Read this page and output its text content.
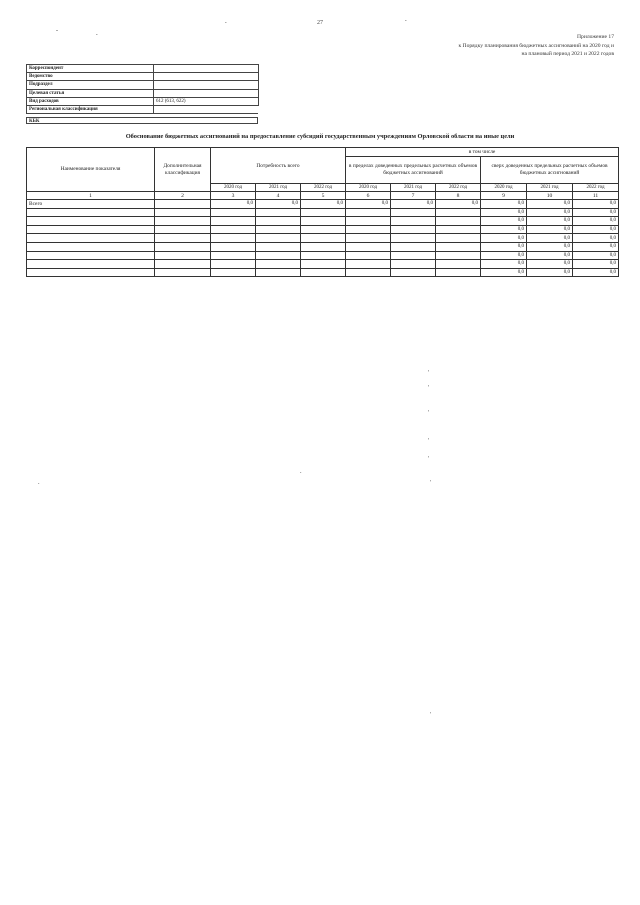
27
Приложение 17
к Порядку планирования бюджетных ассигнований на 2020 год и
на плановый период 2021 и 2022 годов
Корреспондент	
Ведомство	
Подраздел	
Целевая статья	
Вид расходов	612 (613, 622)
Региональная классификация	
КБК
Обоснование бюджетных ассигнований на предоставление субсидий государственным учреждениям Орловской области на иные цели
Наименование показателя	Дополнительная классификация	Потребность всего			в том числе					
					в пределах доведенных предельных расчетных объемов бюджетных ассигнований			сверх доведенных предельных расчетных объемов бюджетных ассигнований		
		2020 год	2021 год	2022 год	2020 год	2021 год	2022 год	2020 год	2021 год	2022 год
1	2	3	4	5	6	7	8	9	10	11
Всего		0,0	0,0	0,0	0,0	0,0	0,0	0,0	0,0	0,0
								0,0	0,0	0,0
								0,0	0,0	0,0
								0,0	0,0	0,0
								0,0	0,0	0,0
								0,0	0,0	0,0
								0,0	0,0	0,0
								0,0	0,0	0,0
								0,0	0,0	0,0
